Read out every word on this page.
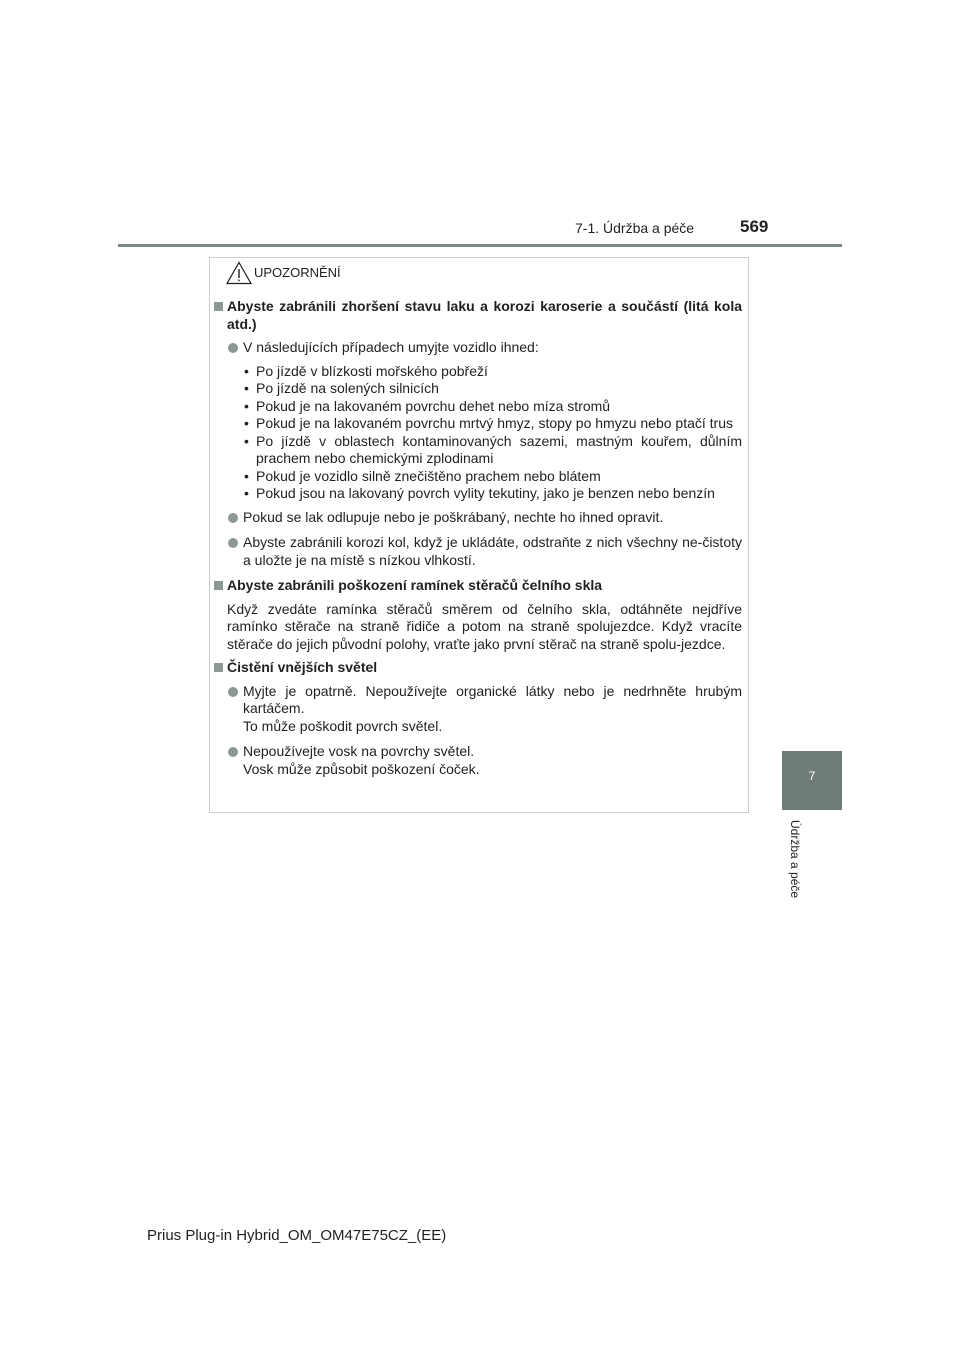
7-1. Údržba a péče	569
7
Údržba a péče
UPOZORNĚNÍ
Abyste zabránili zhoršení stavu laku a korozi karoserie a součástí (litá kola atd.)
V následujících případech umyjte vozidlo ihned:
• Po jízdě v blízkosti mořského pobřeží
• Po jízdě na solených silnicích
• Pokud je na lakovaném povrchu dehet nebo míza stromů
• Pokud je na lakovaném povrchu mrtvý hmyz, stopy po hmyzu nebo ptačí trus
• Po jízdě v oblastech kontaminovaných sazemi, mastným kouřem, důlním prachem nebo chemickými zplodinami
• Pokud je vozidlo silně znečištěno prachem nebo blátem
• Pokud jsou na lakovaný povrch vylity tekutiny, jako je benzen nebo benzín
Pokud se lak odlupuje nebo je poškrábaný, nechte ho ihned opravit.
Abyste zabránili korozi kol, když je ukládáte, odstraňte z nich všechny ne-čistoty a uložte je na místě s nízkou vlhkostí.
Abyste zabránili poškození ramínek stěračů čelního skla
Když zvedáte ramínka stěračů směrem od čelního skla, odtáhněte nejdříve ramínko stěrače na straně řidiče a potom na straně spolujezdce. Když vracíte stěrače do jejich původní polohy, vraťte jako první stěrač na straně spolu-jezdce.
Čistění vnějších světel
Myjte je opatrně. Nepoužívejte organické látky nebo je nedrhněte hrubým kartáčem.
To může poškodit povrch světel.
Nepoužívejte vosk na povrchy světel.
Vosk může způsobit poškození čoček.
Prius Plug-in Hybrid_OM_OM47E75CZ_(EE)
